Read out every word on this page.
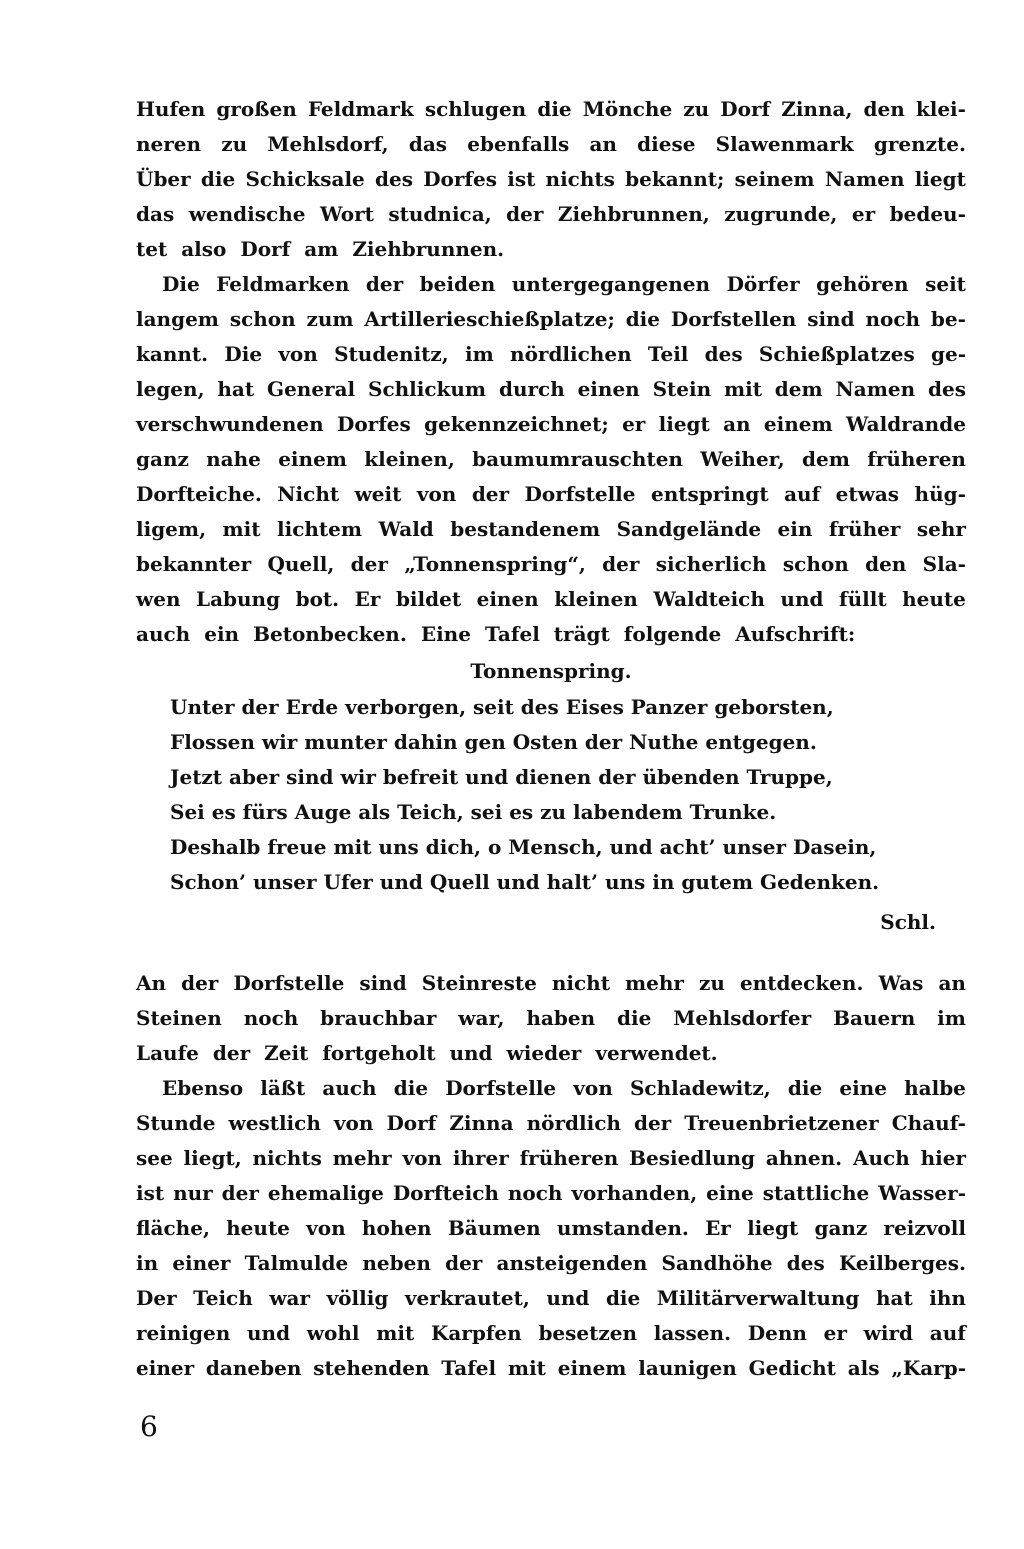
Hufen großen Feldmark schlugen die Mönche zu Dorf Zinna, den klei-
neren zu Mehlsdorf, das ebenfalls an diese Slawenmark grenzte.
Über die Schicksale des Dorfes ist nichts bekannt; seinem Namen liegt
das wendische Wort studnica, der Ziehbrunnen, zugrunde, er bedeu-
tet also Dorf am Ziehbrunnen.
Die Feldmarken der beiden untergegangenen Dörfer gehören seit
langem schon zum Artillerieschießplatze; die Dorfstellen sind noch be-
kannt. Die von Studenitz, im nördlichen Teil des Schießplatzes ge-
legen, hat General Schlickum durch einen Stein mit dem Namen des
verschwundenen Dorfes gekennzeichnet; er liegt an einem Waldrande
ganz nahe einem kleinen, baumumrauschten Weiher, dem früheren
Dorfteiche. Nicht weit von der Dorfstelle entspringt auf etwas hüg-
ligem, mit lichtem Wald bestandenem Sandgelände ein früher sehr
bekannter Quell, der „Tonnenspring“, der sicherlich schon den Sla-
wen Labung bot. Er bildet einen kleinen Waldteich und füllt heute
auch ein Betonbecken. Eine Tafel trägt folgende Aufschrift:
Tonnenspring.
Unter der Erde verborgen, seit des Eises Panzer geborsten,
Flossen wir munter dahin gen Osten der Nuthe entgegen.
Jetzt aber sind wir befreit und dienen der übenden Truppe,
Sei es fürs Auge als Teich, sei es zu labendem Trunke.
Deshalb freue mit uns dich, o Mensch, und acht’ unser Dasein,
Schon’ unser Ufer und Quell und halt’ uns in gutem Gedenken.
Schl.
An der Dorfstelle sind Steinreste nicht mehr zu entdecken. Was an
Steinen noch brauchbar war, haben die Mehlsdorfer Bauern im
Laufe der Zeit fortgeholt und wieder verwendet.
Ebenso läßt auch die Dorfstelle von Schladewitz, die eine halbe
Stunde westlich von Dorf Zinna nördlich der Treuenbrietzener Chauf-
see liegt, nichts mehr von ihrer früheren Besiedlung ahnen. Auch hier
ist nur der ehemalige Dorfteich noch vorhanden, eine stattliche Wasser-
fläche, heute von hohen Bäumen umstanden. Er liegt ganz reizvoll
in einer Talmulde neben der ansteigenden Sandhöhe des Keilberges.
Der Teich war völlig verkrautet, und die Militärverwaltung hat ihn
reinigen und wohl mit Karpfen besetzen lassen. Denn er wird auf
einer daneben stehenden Tafel mit einem launigen Gedicht als „Karp-
6
